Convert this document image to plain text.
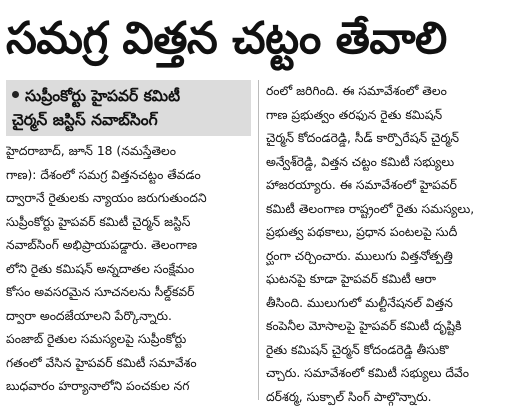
సమగ్ర విత్తన చట్టం తేవాలి
సుప్రీంకోర్టు హైపవర్ కమిటీ
చైర్మన్ జస్టిస్ నవాబ్‌సింగ్
హైదరాబాద్, జూన్ 18 (నమస్తేతెలం
గాణ): దేశంలో సమగ్ర విత్తనచట్టం తేవడం
ద్వారానే రైతులకు న్యాయం జరుగుతుందని
సుప్రీంకోర్టు హైపవర్ కమిటీ చైర్మన్ జస్టిస్
నవాబ్‌సింగ్ అభిప్రాయపడ్డారు. తెలంగాణ
లోని రైతు కమిషన్ అన్నదాతల సంక్షేమం
కోసం అవసరమైన సూచనలను సీల్డ్‌కవర్
ద్వారా అందజేయాలని పేర్కొన్నారు.
పంజాబ్ రైతుల సమస్యలపై సుప్రీంకోర్టు
గతంలో వేసిన హైపవర్ కమిటీ సమావేశం
బుధవారం హర్యానాలోని పంచకుల నగ
రంలో జరిగింది. ఈ సమావేశంలో తెలం
గాణ ప్రభుత్వం తరఫున రైతు కమిషన్
చైర్మన్ కోదండరెడ్డి, సీడ్ కార్పొరేషన్ చైర్మన్
అన్వేశ్‌రెడ్డి, విత్తన చట్టం కమిటీ సభ్యులు
హాజరయ్యారు. ఈ సమావేశంలో హైపవర్
కమిటీ తెలంగాణ రాష్ట్రంలో రైతు సమస్యలు,
ప్రభుత్వ పథకాలు, ప్రధాన పంటలపై సుదీ
ర్ఘంగా చర్చించారు. ములుగు విత్తనోత్పత్తి
ఘటనపై కూడా హైపవర్ కమిటీ ఆరా
తీసింది. ములుగులో మల్టీనేషనల్ విత్తన
కంపెనీల మోసాలపై హైపవర్ కమిటీ దృష్టికి
రైతు కమిషన్ చైర్మన్ కోదండరెడ్డి తీసుకొ
చ్చారు. సమావేశంలో కమిటీ సభ్యులు దేవేం
దర్‌శర్మ, సుక్పాల్ సింగ్ పాల్గొన్నారు.
